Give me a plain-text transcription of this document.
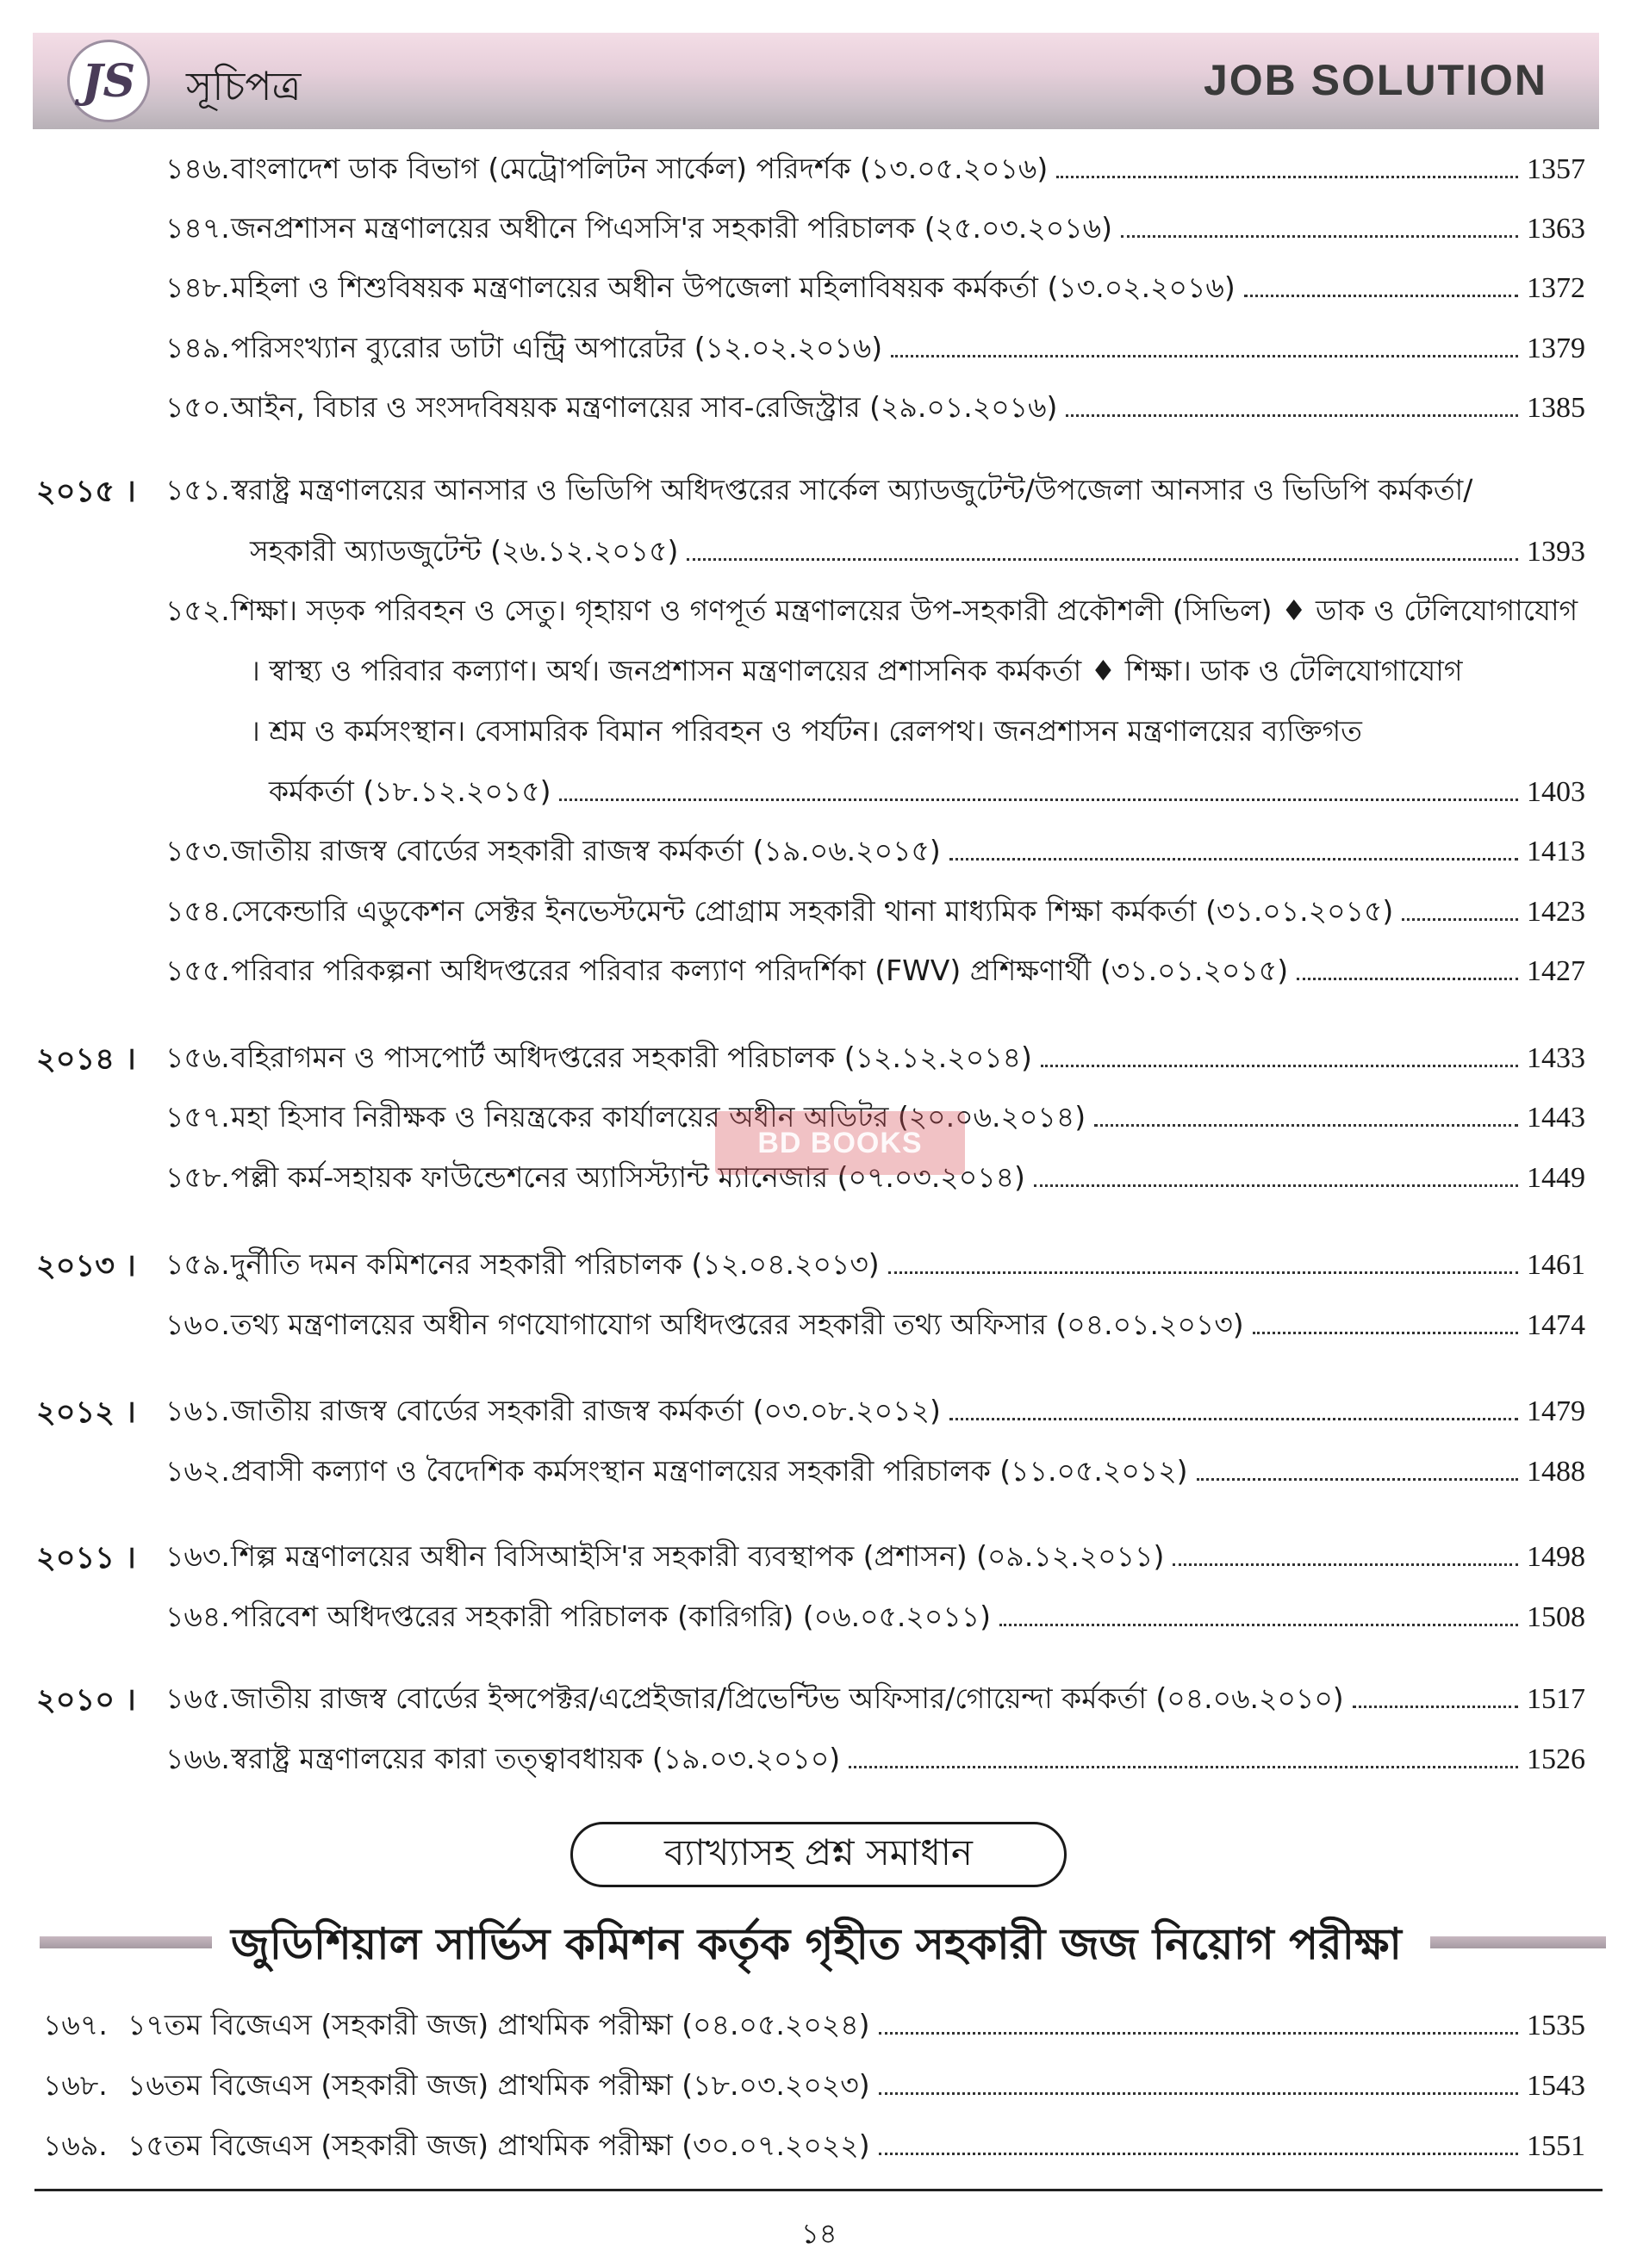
JS সূচিপত্র	JOB SOLUTION
১৪৬. বাংলাদেশ ডাক বিভাগ (মেট্রোপলিটন সার্কেল) পরিদর্শক (১৩.০৫.২০১৬)	1357
১৪৭. জনপ্রশাসন মন্ত্রণালয়ের অধীনে পিএসসি'র সহকারী পরিচালক (২৫.০৩.২০১৬)	1363
১৪৮. মহিলা ও শিশুবিষয়ক মন্ত্রণালয়ের অধীন উপজেলা মহিলাবিষয়ক কর্মকর্তা (১৩.০২.২০১৬)	1372
১৪৯. পরিসংখ্যান ব্যুরোর ডাটা এন্ট্রি অপারেটর (১২.০২.২০১৬)	1379
১৫০. আইন, বিচার ও সংসদবিষয়ক মন্ত্রণালয়ের সাব-রেজিস্ট্রার (২৯.০১.২০১৬)	1385
২০১৫ । ১৫১. স্বরাষ্ট্র মন্ত্রণালয়ের আনসার ও ভিডিপি অধিদপ্তরের সার্কেল অ্যাডজুটেন্ট/উপজেলা আনসার ও ভিডিপি কর্মকর্তা/
সহকারী অ্যাডজুটেন্ট (২৬.১২.২০১৫)	1393
১৫২. শিক্ষা। সড়ক পরিবহন ও সেতু। গৃহায়ণ ও গণপূর্ত মন্ত্রণালয়ের উপ-সহকারী প্রকৌশলী (সিভিল) ♦ ডাক ও টেলিযোগাযোগ
। স্বাস্থ্য ও পরিবার কল্যাণ। অর্থ। জনপ্রশাসন মন্ত্রণালয়ের প্রশাসনিক কর্মকর্তা ♦ শিক্ষা। ডাক ও টেলিযোগাযোগ
। শ্রম ও কর্মসংস্থান। বেসামরিক বিমান পরিবহন ও পর্যটন। রেলপথ। জনপ্রশাসন মন্ত্রণালয়ের ব্যক্তিগত
কর্মকর্তা (১৮.১২.২০১৫)	1403
১৫৩. জাতীয় রাজস্ব বোর্ডের সহকারী রাজস্ব কর্মকর্তা (১৯.০৬.২০১৫)	1413
১৫৪. সেকেন্ডারি এডুকেশন সেক্টর ইনভেস্টমেন্ট প্রোগ্রাম সহকারী থানা মাধ্যমিক শিক্ষা কর্মকর্তা (৩১.০১.২০১৫)	1423
১৫৫. পরিবার পরিকল্পনা অধিদপ্তরের পরিবার কল্যাণ পরিদর্শিকা (FWV) প্রশিক্ষণার্থী (৩১.০১.২০১৫)	1427
২০১৪ । ১৫৬. বহিরাগমন ও পাসপোর্ট অধিদপ্তরের সহকারী পরিচালক (১২.১২.২০১৪)	1433
১৫৭. মহা হিসাব নিরীক্ষক ও নিয়ন্ত্রকের কার্যালয়ের অধীন অডিটর (২০.০৬.২০১৪)	1443
১৫৮. পল্লী কর্ম-সহায়ক ফাউন্ডেশনের অ্যাসিস্ট্যান্ট ম্যানেজার (০৭.০৩.২০১৪)	1449
২০১৩ । ১৫৯. দুর্নীতি দমন কমিশনের সহকারী পরিচালক (১২.০৪.২০১৩)	1461
১৬০. তথ্য মন্ত্রণালয়ের অধীন গণযোগাযোগ অধিদপ্তরের সহকারী তথ্য অফিসার (০৪.০১.২০১৩)	1474
২০১২ । ১৬১. জাতীয় রাজস্ব বোর্ডের সহকারী রাজস্ব কর্মকর্তা (০৩.০৮.২০১২)	1479
১৬২. প্রবাসী কল্যাণ ও বৈদেশিক কর্মসংস্থান মন্ত্রণালয়ের সহকারী পরিচালক (১১.০৫.২০১২)	1488
২০১১ । ১৬৩. শিল্প মন্ত্রণালয়ের অধীন বিসিআইসি'র সহকারী ব্যবস্থাপক (প্রশাসন) (০৯.১২.২০১১)	1498
১৬৪. পরিবেশ অধিদপ্তরের সহকারী পরিচালক (কারিগরি) (০৬.০৫.২০১১)	1508
২০১০ । ১৬৫. জাতীয় রাজস্ব বোর্ডের ইন্সপেক্টর/এপ্রেইজার/প্রিভেন্টিভ অফিসার/গোয়েন্দা কর্মকর্তা (০৪.০৬.২০১০)	1517
১৬৬. স্বরাষ্ট্র মন্ত্রণালয়ের কারা তত্ত্বাবধায়ক (১৯.০৩.২০১০)	1526
BD BOOKS
ব্যাখ্যাসহ প্রশ্ন সমাধান
জুডিশিয়াল সার্ভিস কমিশন কর্তৃক গৃহীত সহকারী জজ নিয়োগ পরীক্ষা
১৬৭. ১৭তম বিজেএস (সহকারী জজ) প্রাথমিক পরীক্ষা (০৪.০৫.২০২৪)	1535
১৬৮. ১৬তম বিজেএস (সহকারী জজ) প্রাথমিক পরীক্ষা (১৮.০৩.২০২৩)	1543
১৬৯. ১৫তম বিজেএস (সহকারী জজ) প্রাথমিক পরীক্ষা (৩০.০৭.২০২২)	1551
১৪
